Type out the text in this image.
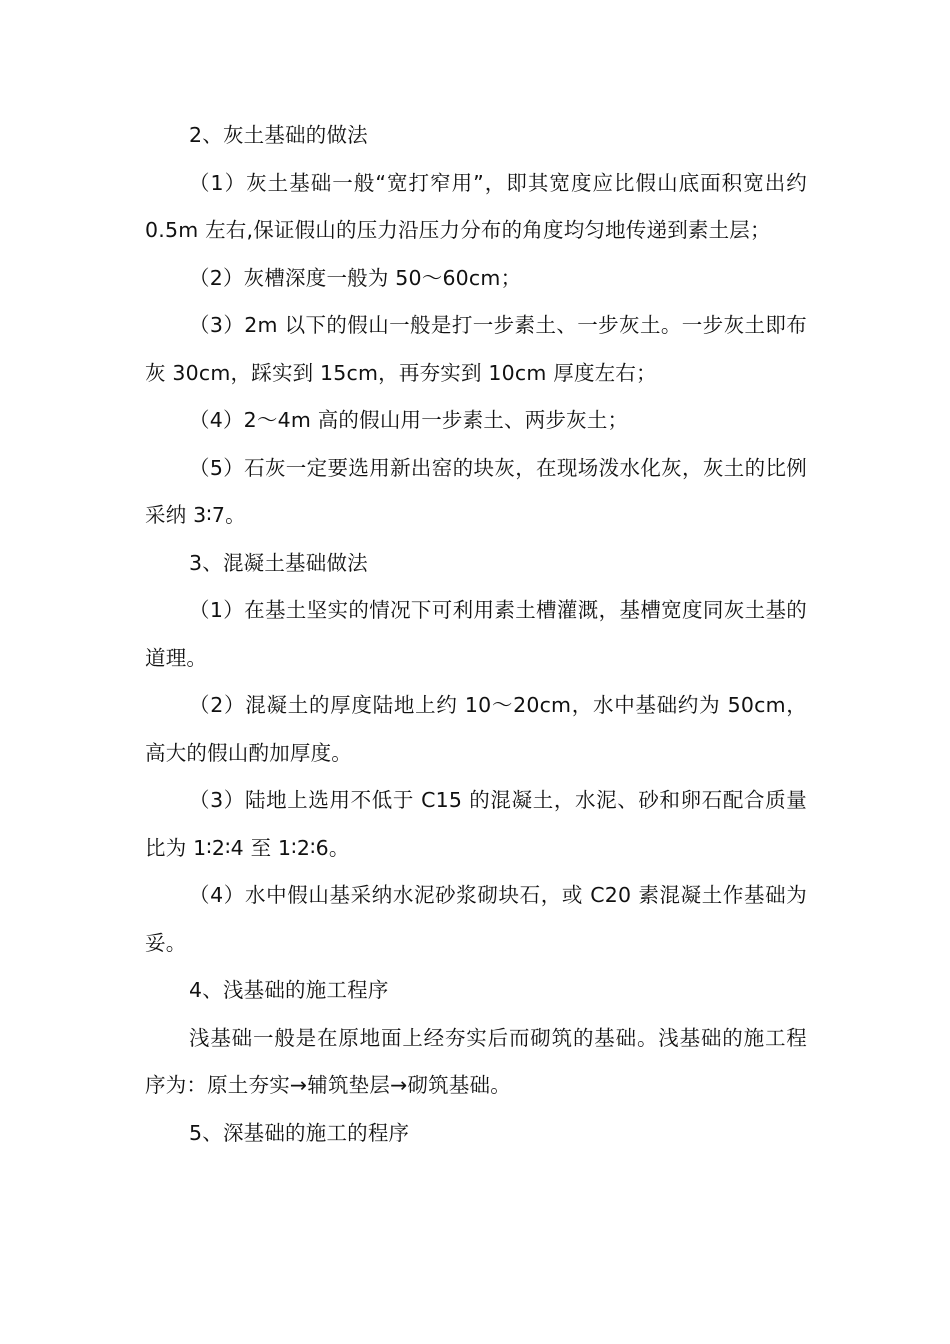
2、灰土基础的做法

（1）灰土基础一般“宽打窄用”，即其宽度应比假山底面积宽出约 0.5m 左右,保证假山的压力沿压力分布的角度均匀地传递到素土层；

（2）灰槽深度一般为 50～60cm；

（3）2m 以下的假山一般是打一步素土、一步灰土。一步灰土即布灰 30cm，踩实到 15cm，再夯实到 10cm 厚度左右；

（4）2～4m 高的假山用一步素土、两步灰土；

（5）石灰一定要选用新出窑的块灰，在现场泼水化灰，灰土的比例采纳 3∶7。

3、混凝土基础做法

（1）在基土坚实的情况下可利用素土槽灌溉，基槽宽度同灰土基的道理。

（2）混凝土的厚度陆地上约 10～20cm，水中基础约为 50cm，高大的假山酌加厚度。

（3）陆地上选用不低于 C15 的混凝土，水泥、砂和卵石配合质量比为 1∶2∶4 至 1∶2∶6。

（4）水中假山基采纳水泥砂浆砌块石，或 C20 素混凝土作基础为妥。

4、浅基础的施工程序

浅基础一般是在原地面上经夯实后而砌筑的基础。浅基础的施工程序为：原土夯实→辅筑垫层→砌筑基础。

5、深基础的施工的程序
